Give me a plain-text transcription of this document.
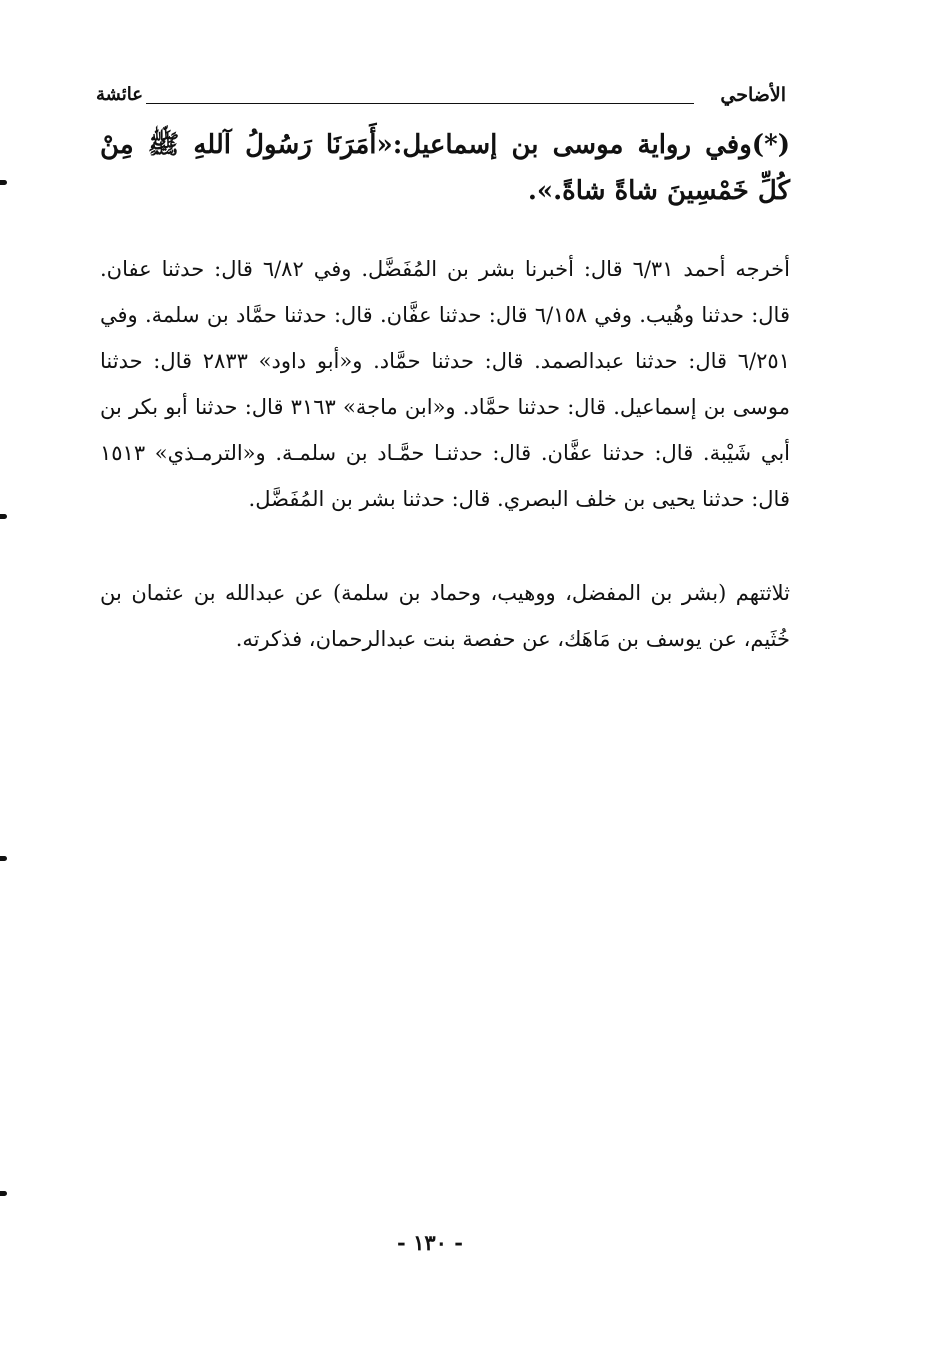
الأضاحي
عائشة
(*)وفي رواية موسى بن إسماعيل:«أَمَرَنَا رَسُولُ آللهِ ﷺ مِنْ كُلِّ خَمْسِينَ شاةً شاةً.».
أخرجه أحمد ٦/٣١ قال: أخبرنا بشر بن المُفَضَّل. وفي ٦/٨٢ قال: حدثنا عفان. قال: حدثنا وهُيب. وفي ٦/١٥٨ قال: حدثنا عفَّان. قال: حدثنا حمَّاد بن سلمة. وفي ٦/٢٥١ قال: حدثنا عبدالصمد. قال: حدثنا حمَّاد. و«أبو داود» ٢٨٣٣ قال: حدثنا موسى بن إسماعيل. قال: حدثنا حمَّاد. و«ابن ماجة» ٣١٦٣ قال: حدثنا أبو بكر بن أبي شَيْبة. قال: حدثنا عفَّان. قال: حدثنـا حمَّـاد بن سلمـة. و«الترمـذي» ١٥١٣ قال: حدثنا يحيى بن خلف البصري. قال: حدثنا بشر بن المُفَضَّل.
ثلاثتهم (بشر بن المفضل، ووهيب، وحماد بن سلمة) عن عبدالله بن عثمان بن خُثَيم، عن يوسف بن مَاهَك، عن حفصة بنت عبدالرحمان، فذكرته.
- ١٣٠ -
